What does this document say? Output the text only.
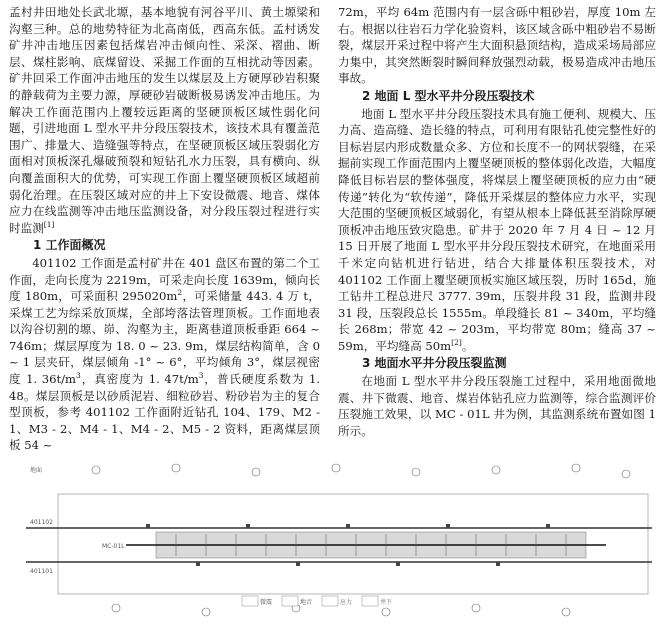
孟村井田地处长武北塬，基本地貌有河谷平川、黄土塬梁和沟壑三种。总的地势特征为北高南低，西高东低。孟村诱发矿井冲击地压因素包括煤岩冲击倾向性、采深、褶曲、断层、煤柱影响、底煤留设、采掘工作面的互相扰动等因素。矿井回采工作面冲击地压的发生以煤层及上方硬厚砂岩积聚的静载荷为主要力源，厚硬砂岩破断极易诱发冲击地压。为解决工作面范围内上覆较远距离的坚硬顶板区域性弱化问题，引进地面 L 型水平井分段压裂技术，该技术具有覆盖范围广、排量大、造缝强等特点，在坚硬顶板区域压裂弱化方面相对顶板深孔爆破预裂和短钻孔水力压裂，具有横向、纵向覆盖面积大的优势，可实现工作面上覆坚硬顶板区域超前弱化治理。在压裂区域对应的井上下安设微震、地音、煤体应力在线监测等冲击地压监测设备，对分段压裂过程进行实时监测[1]

1 工作面概况

401102 工作面是孟村矿井在 401 盘区布置的第二个工作面，走向长度为 2219m，可采走向长度 1639m，倾向长度 180m，可采面积 $295020m^2$，可采储量 443. 4 万 t，采煤工艺为综采放顶煤，全部垮落法管理顶板。工作面地表以沟谷切割的塬、峁、沟壑为主，距离巷道顶板垂距 664 ~ 746m；煤层厚度为 18. 0 ~ 23. 9m，煤层结构简单，含 0 ~ 1 层夹矸，煤层倾角 -1° ~ 6°，平均倾角 3°，煤层视密度 1. $36t/m^3$，真密度为 1. $47t/m^3$，普氏硬度系数为 1. 48。煤层顶板是以砂质泥岩、细粒砂岩、粉砂岩为主的复合型顶板，参考 401102 工作面附近钻孔 104、179、M2 - 1、M3 - 2、M4 - 1、M4 - 2、M5 - 2 资料，距离煤层顶板 54 ~

72m，平均 64m 范围内有一层含砾中粗砂岩，厚度 10m 左右。根据以往岩石力学化验资料，该区域含砾中粗砂岩不易断裂，煤层开采过程中将产生大面积悬顶结构，造成采场局部应力集中，其突然断裂时瞬间释放强烈动载，极易造成冲击地压事故。

2 地面 L 型水平井分段压裂技术

地面 L 型水平井分段压裂技术具有施工便利、规模大、压力高、造高缝、造长缝的特点，可利用有限钻孔使完整性好的目标岩层内形成数量众多、方位和长度不一的网状裂缝，在采掘前实现工作面范围内上覆坚硬顶板的整体弱化改造，大幅度降低目标岩层的整体强度，将煤层上覆坚硬顶板的应力由“硬传递”转化为“软传递”，降低开采煤层的整体应力水平，实现大范围的坚硬顶板区域弱化，有望从根本上降低甚至消除厚硬顶板冲击地压致灾隐患。矿井于 2020 年 7 月 4 日 ~ 12 月 15 日开展了地面 L 型水平井分段压裂技术研究，在地面采用千米定向钻机进行钻进，结合大排量体积压裂技术，对 401102 工作面上覆坚硬顶板实施区域压裂，历时 165d，施工钻井工程总进尺 3777. 39m，压裂井段 31 段，监测井段 31 段，压裂段总长 1555m。单段缝长 81 ~ 340m，平均缝长 268m；带宽 42 ~ 203m，平均带宽 80m；缝高 37 ~ 59m，平均缝高 50m[2]。

3 地面水平井分段压裂监测

在地面 L 型水平井分段压裂施工过程中，采用地面微地震、井下微震、地音、煤岩体钻孔应力监测等，综合监测评价压裂施工效果，以 MC - 01L 井为例，其监测系统布置如图 1 所示。

401102
401101
MC-01L
微震	地音	应力	井下
地面
